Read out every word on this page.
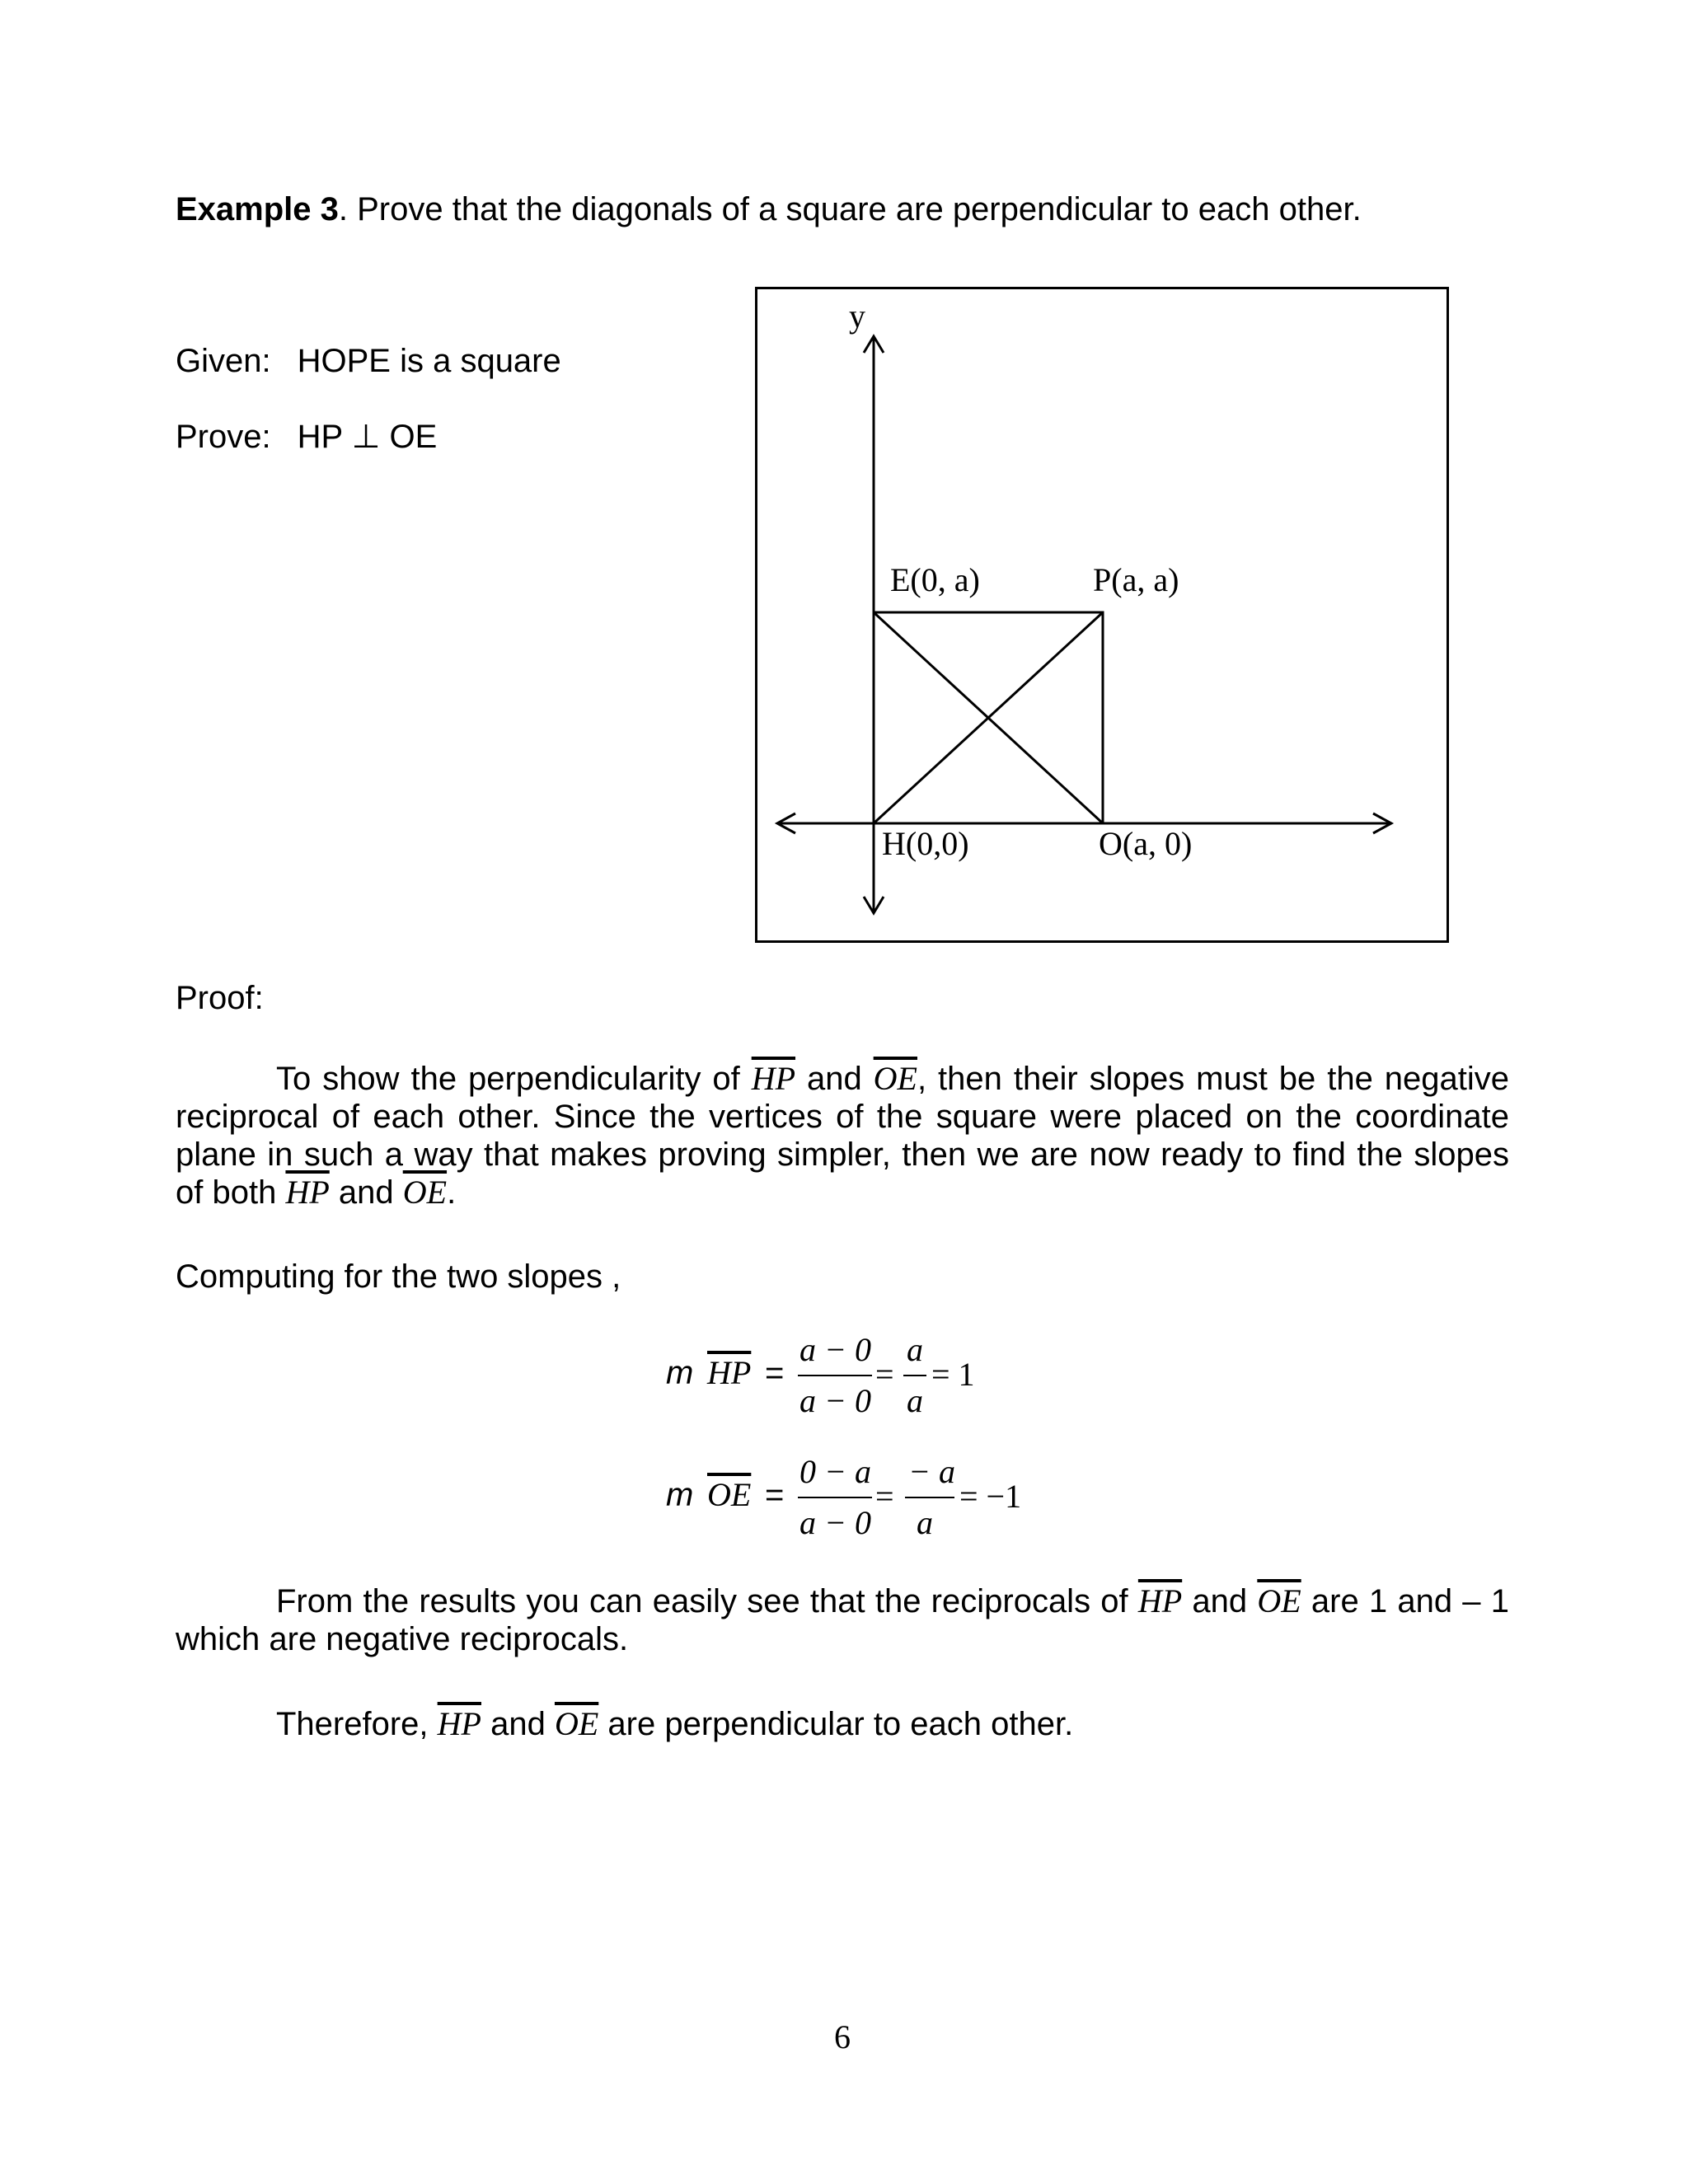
Example 3. Prove that the diagonals of a square are perpendicular to each other.
Given: HOPE is a square
Prove: HP ⊥ OE
y
E(0, a)	P(a, a)
H(0,0)	O(a, 0)
Proof:
To show the perpendicularity of $\overline{HP}$ and $\overline{OE}$, then their slopes must be the negative reciprocal of each other. Since the vertices of the square were placed on the coordinate plane in such a way that makes proving simpler, then we are now ready to find the slopes of both $\overline{HP}$ and $\overline{OE}$.
Computing for the two slopes ,
m $\overline{HP}$ =
a − 0
a − 0
=
a
a
= 1
m $\overline{OE}$ =
0 − a
a − 0
=
− a
a
= −1
From the results you can easily see that the reciprocals of $\overline{HP}$ and $\overline{OE}$ are 1 and – 1 which are negative reciprocals.
Therefore, $\overline{HP}$ and $\overline{OE}$ are perpendicular to each other.
6
